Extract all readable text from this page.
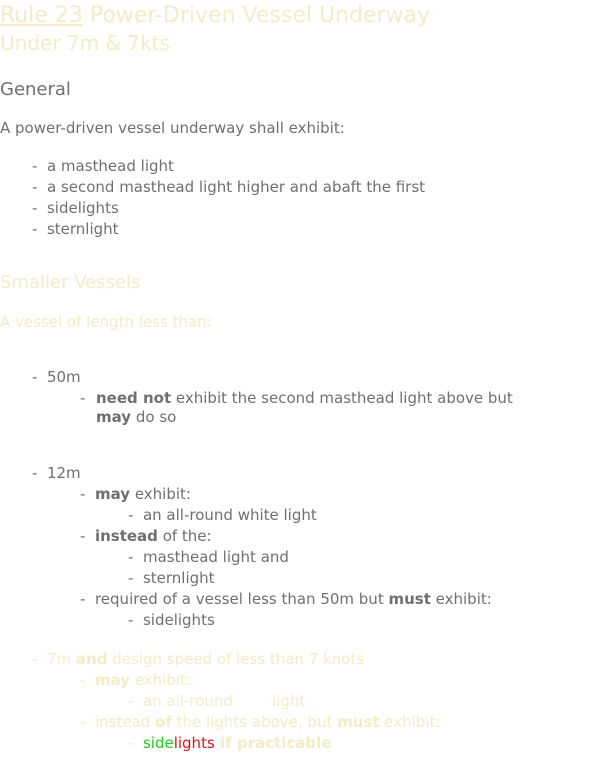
Rule 23 Power-Driven Vessel Underway
Under 7m & 7kts
General
A power-driven vessel underway shall exhibit:
- a masthead light
- a second masthead light higher and abaft the first
- sidelights
- sternlight
Smaller Vessels
A vessel of length less than:
- 50m
- need not exhibit the second masthead light above but
may do so
- 12m
- may exhibit:
- an all-round white light
- instead of the:
- masthead light and
- sternlight
- required of a vessel less than 50m but must exhibit:
- sidelights
- 7m and design speed of less than 7 knots
- may exhibit:
- an all-round	light
- instead of the lights above, but must exhibit:
- sidelights if practicable
